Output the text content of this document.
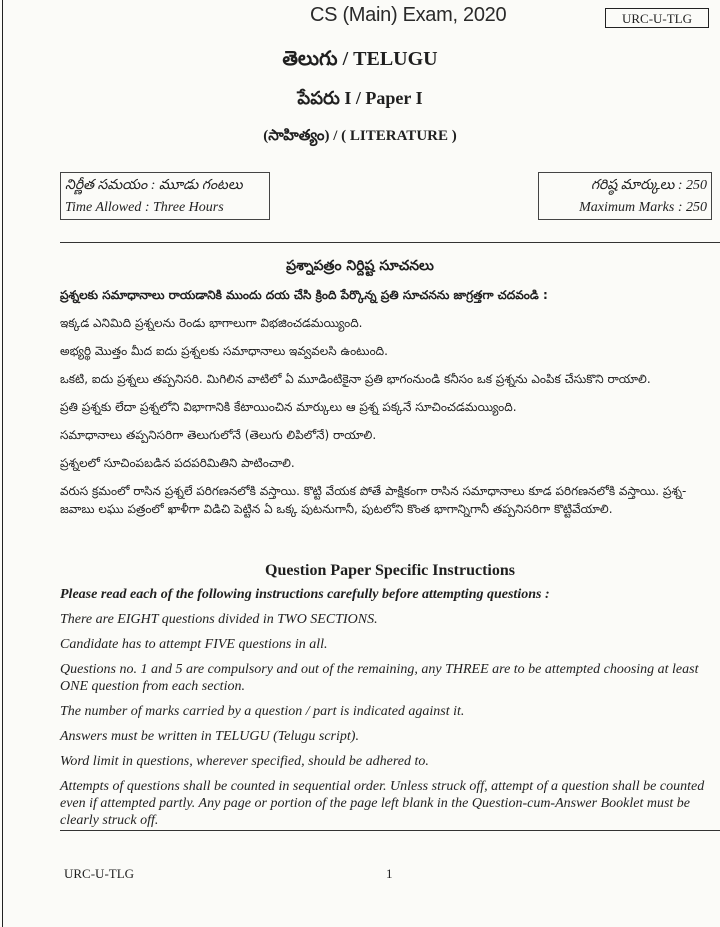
CS (Main) Exam, 2020	URC-U-TLG
తెలుగు / TELUGU
పేపరు I / Paper I
(సాహిత్యం) / ( LITERATURE )
నిర్ణీత సమయం : మూడు గంటలు
Time Allowed : Three Hours
గరిష్ఠ మార్కులు : 250
Maximum Marks : 250
ప్రశ్నాపత్రం నిర్దిష్ట సూచనలు

ప్రశ్నలకు సమాధానాలు రాయడానికి ముందు దయ చేసి క్రింది పేర్కొన్న ప్రతి సూచనను జాగ్రత్తగా చదవండి :

ఇక్కడ ఎనిమిది ప్రశ్నలను రెండు భాగాలుగా విభజించడమయ్యింది.

అభ్యర్థి మొత్తం మీద ఐదు ప్రశ్నలకు సమాధానాలు ఇవ్వవలసి ఉంటుంది.

ఒకటి, ఐదు ప్రశ్నలు తప్పనిసరి. మిగిలిన వాటిలో ఏ మూడింటికైనా ప్రతి భాగంనుండి కనీసం ఒక ప్రశ్నను ఎంపిక చేసుకొని రాయాలి.

ప్రతి ప్రశ్నకు లేదా ప్రశ్నలోని విభాగానికి కేటాయించిన మార్కులు ఆ ప్రశ్న పక్కనే సూచించడమయ్యింది.

సమాధానాలు తప్పనిసరిగా తెలుగులోనే (తెలుగు లిపిలోనే) రాయాలి.

ప్రశ్నలలో సూచింపబడిన పదపరిమితిని పాటించాలి.

వరుస క్రమంలో రాసిన ప్రశ్నలే పరిగణనలోకి వస్తాయి. కొట్టి వేయక పోతే పాక్షికంగా రాసిన సమాధానాలు కూడ పరిగణనలోకి వస్తాయి. ప్రశ్న-జవాబు లఘు పత్రంలో ఖాళీగా విడిచి పెట్టిన ఏ ఒక్క పుటనుగానీ, పుటలోని కొంత భాగాన్నిగానీ తప్పనిసరిగా కొట్టివేయాలి.

Question Paper Specific Instructions

Please read each of the following instructions carefully before attempting questions :

There are EIGHT questions divided in TWO SECTIONS.

Candidate has to attempt FIVE questions in all.

Questions no. 1 and 5 are compulsory and out of the remaining, any THREE are to be attempted choosing at least ONE question from each section.

The number of marks carried by a question / part is indicated against it.

Answers must be written in TELUGU (Telugu script).

Word limit in questions, wherever specified, should be adhered to.

Attempts of questions shall be counted in sequential order. Unless struck off, attempt of a question shall be counted even if attempted partly. Any page or portion of the page left blank in the Question-cum-Answer Booklet must be clearly struck off.

URC-U-TLG	1
